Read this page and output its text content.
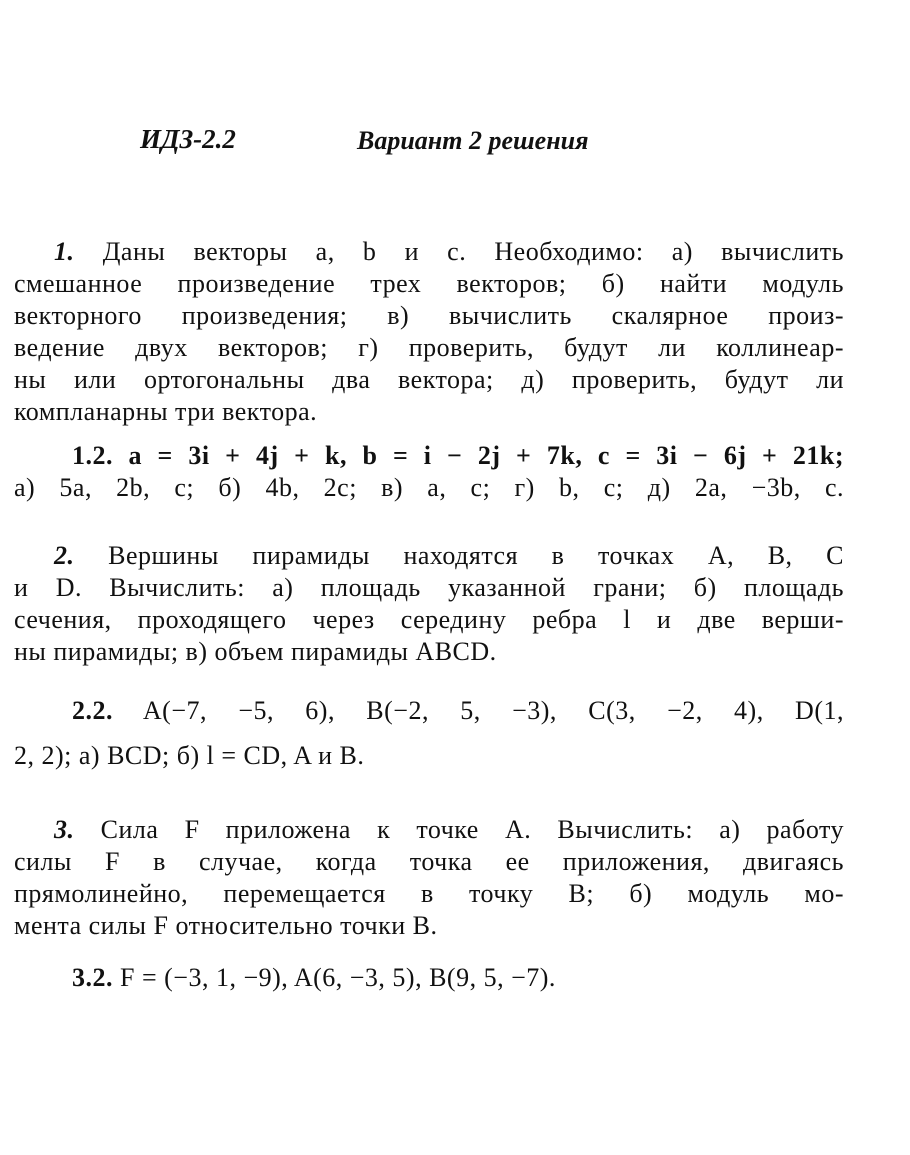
ИДЗ-2.2	Вариант 2 решения
1. Даны векторы a, b и c. Необходимо: а) вычислить
смешанное произведение трех векторов; б) найти модуль
векторного произведения; в) вычислить скалярное произ-
ведение двух векторов; г) проверить, будут ли коллинеар-
ны или ортогональны два вектора; д) проверить, будут ли
компланарны три вектора.
1.2. a = 3i + 4j + k, b = i − 2j + 7k, c = 3i − 6j + 21k;
а) 5a, 2b, c; б) 4b, 2c; в) a, c; г) b, c; д) 2a, −3b, c.
2. Вершины пирамиды находятся в точках A, B, C
и D. Вычислить: а) площадь указанной грани; б) площадь
сечения, проходящего через середину ребра l и две верши-
ны пирамиды; в) объем пирамиды ABCD.
2.2. A(−7, −5, 6), B(−2, 5, −3), C(3, −2, 4), D(1,
2, 2); а) BCD; б) l = CD, A и B.
3. Сила F приложена к точке A. Вычислить: а) работу
силы F в случае, когда точка ее приложения, двигаясь
прямолинейно, перемещается в точку B; б) модуль мо-
мента силы F относительно точки B.
3.2. F = (−3, 1, −9), A(6, −3, 5), B(9, 5, −7).
